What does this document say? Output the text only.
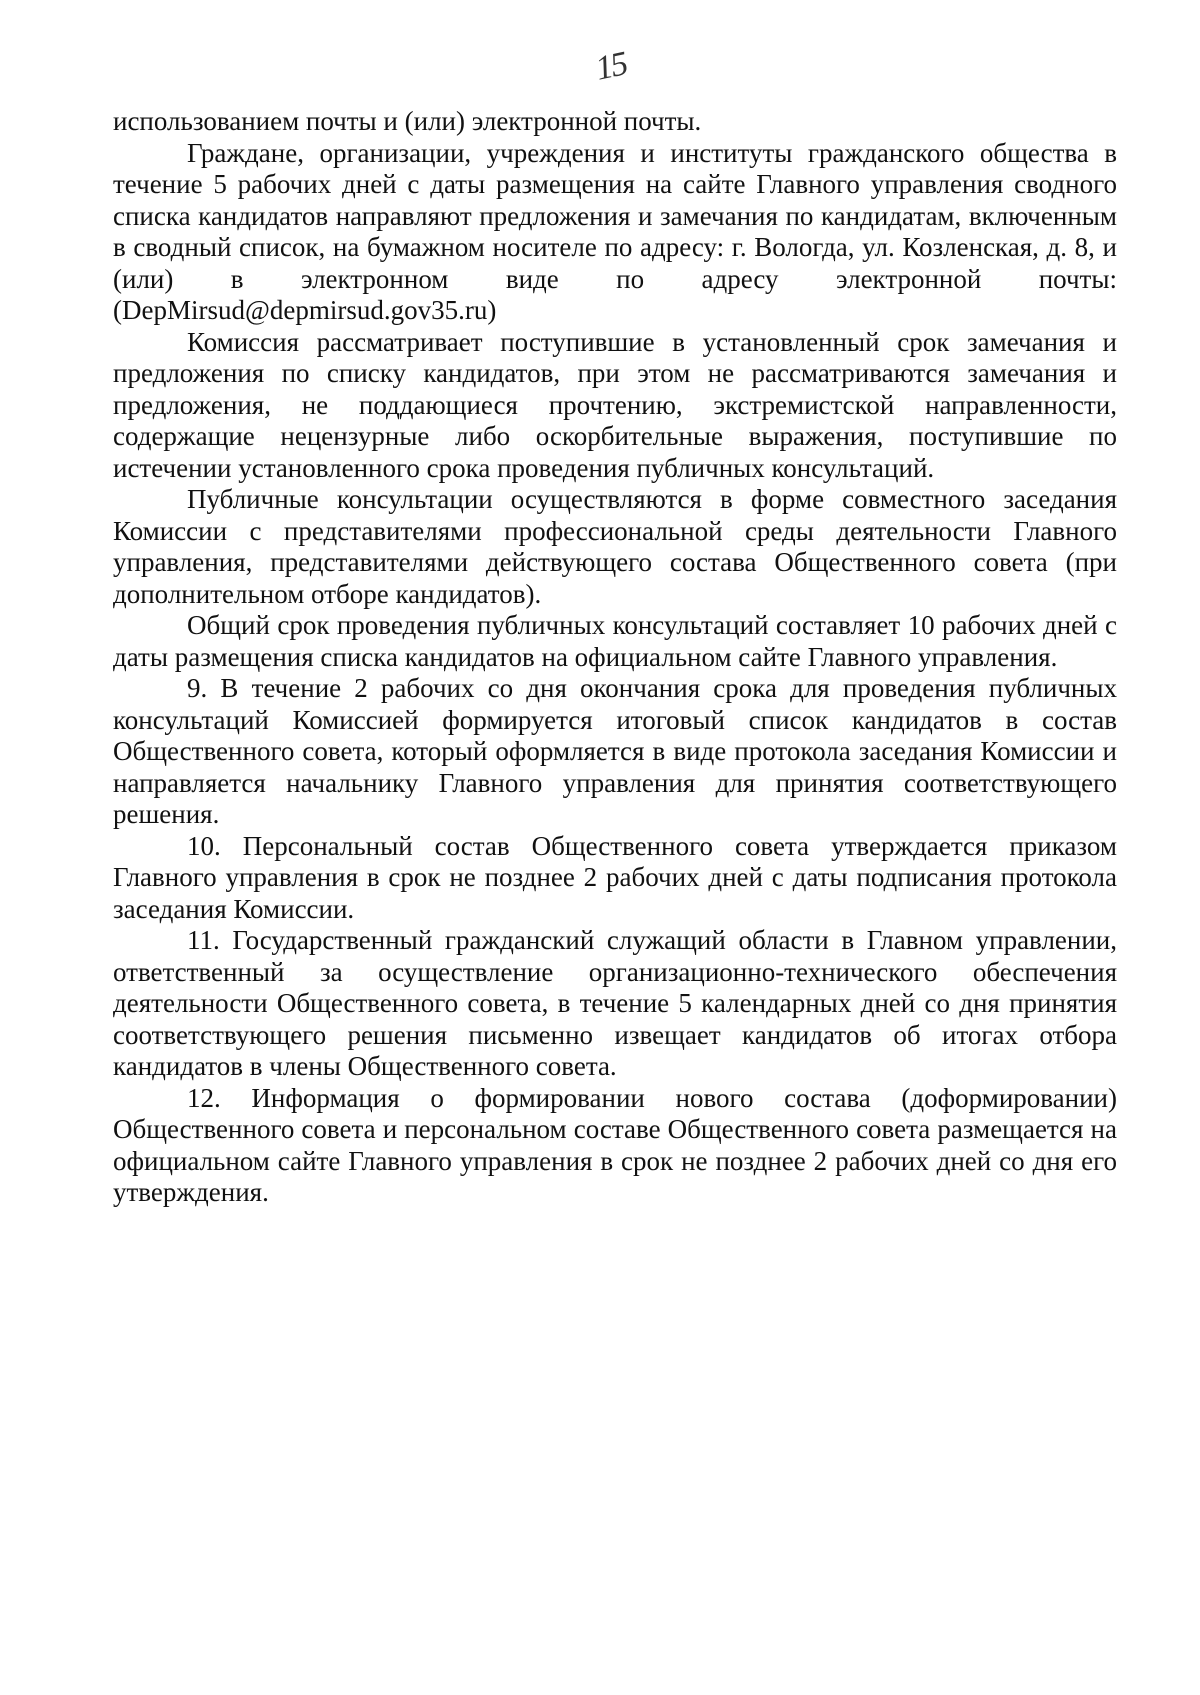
15

использованием почты и (или) электронной почты.

Граждане, организации, учреждения и институты гражданского общества в течение 5 рабочих дней с даты размещения на сайте Главного управления сводного списка кандидатов направляют предложения и замечания по кандидатам, включенным в сводный список, на бумажном носителе по адресу: г. Вологда, ул. Козленская, д. 8, и (или) в электронном виде по адресу электронной почты: (DepMirsud@depmirsud.gov35.ru)

Комиссия рассматривает поступившие в установленный срок замечания и предложения по списку кандидатов, при этом не рассматриваются замечания и предложения, не поддающиеся прочтению, экстремистской направленности, содержащие нецензурные либо оскорбительные выражения, поступившие по истечении установленного срока проведения публичных консультаций.

Публичные консультации осуществляются в форме совместного заседания Комиссии с представителями профессиональной среды деятельности Главного управления, представителями действующего состава Общественного совета (при дополнительном отборе кандидатов).

Общий срок проведения публичных консультаций составляет 10 рабочих дней с даты размещения списка кандидатов на официальном сайте Главного управления.

9. В течение 2 рабочих со дня окончания срока для проведения публичных консультаций Комиссией формируется итоговый список кандидатов в состав Общественного совета, который оформляется в виде протокола заседания Комиссии и направляется начальнику Главного управления для принятия соответствующего решения.

10. Персональный состав Общественного совета утверждается приказом Главного управления в срок не позднее 2 рабочих дней с даты подписания протокола заседания Комиссии.

11. Государственный гражданский служащий области в Главном управлении, ответственный за осуществление организационно-технического обеспечения деятельности Общественного совета, в течение 5 календарных дней со дня принятия соответствующего решения письменно извещает кандидатов об итогах отбора кандидатов в члены Общественного совета.

12. Информация о формировании нового состава (доформировании) Общественного совета и персональном составе Общественного совета размещается на официальном сайте Главного управления в срок не позднее 2 рабочих дней со дня его утверждения.
